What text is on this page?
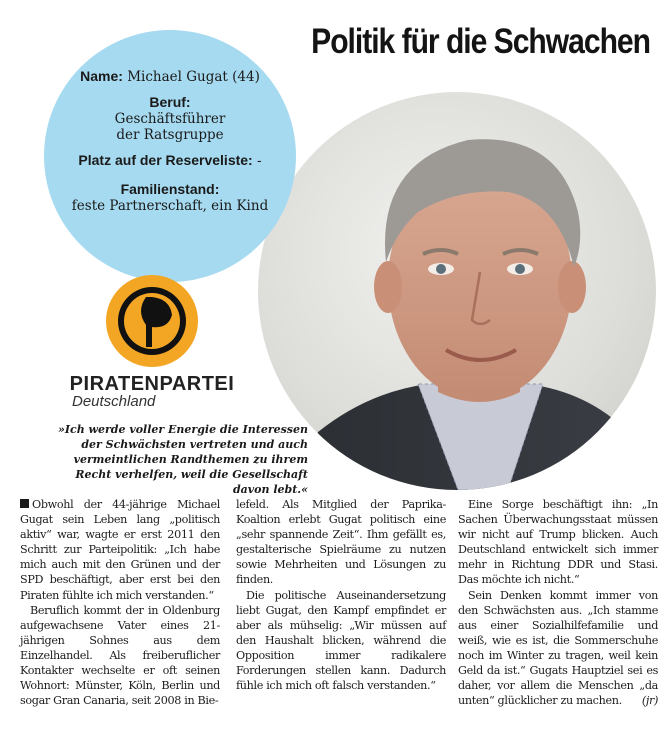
Politik für die Schwachen
Name: Michael Gugat (44)
Beruf: Geschäftsführer der Ratsgruppe
Platz auf der Reserveliste: -
Familienstand:
feste Partnerschaft, ein Kind
PIRATENPARTEI
Deutschland
»Ich werde voller Energie die Interessen der Schwächsten vertreten und auch vermeintlichen Randthemen zu ihrem Recht verhelfen, weil die Gesellschaft davon lebt.«

Obwohl der 44-jährige Michael Gugat sein Leben lang „politisch aktiv“ war, wagte er erst 2011 den Schritt zur Parteipolitik: „Ich habe mich auch mit den Grünen und der SPD beschäftigt, aber erst bei den Piraten fühlte ich mich verstanden.“

Beruflich kommt der in Oldenburg aufgewachsene Vater eines 21-jährigen Sohnes aus dem Einzelhandel. Als freiberuflicher Kontakter wechselte er oft seinen Wohnort: Münster, Köln, Berlin und sogar Gran Canaria, seit 2008 in Bie-

lefeld. Als Mitglied der Paprika-Koaltion erlebt Gugat politisch eine „sehr spannende Zeit“. Ihm gefällt es, gestalterische Spielräume zu nutzen sowie Mehrheiten und Lösungen zu finden.

Die politische Auseinandersetzung liebt Gugat, den Kampf empfindet er aber als mühselig: „Wir müssen auf den Haushalt blicken, während die Opposition immer radikalere Forderungen stellen kann. Dadurch fühle ich mich oft falsch verstanden.“

Eine Sorge beschäftigt ihn: „In Sachen Überwachungsstaat müssen wir nicht auf Trump blicken. Auch Deutschland entwickelt sich immer mehr in Richtung DDR und Stasi. Das möchte ich nicht.“

Sein Denken kommt immer von den Schwächsten aus. „Ich stamme aus einer Sozialhilfefamilie und weiß, wie es ist, die Sommerschuhe noch im Winter zu tragen, weil kein Geld da ist.“ Gugats Hauptziel sei es daher, vor allem die Menschen „da unten“ glücklicher zu machen.	(jr)
